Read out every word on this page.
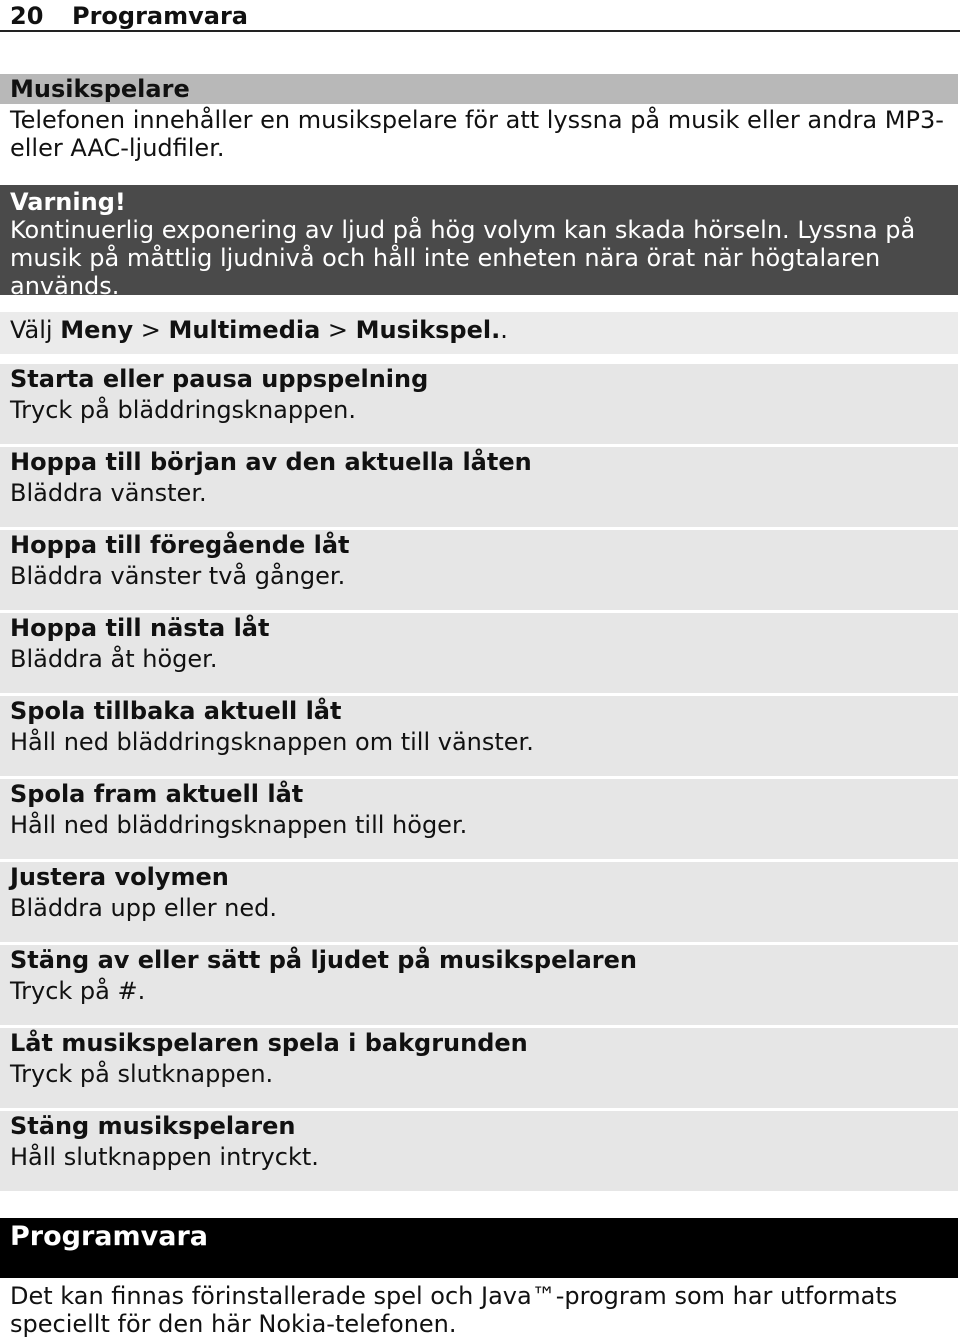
20 Programvara
Musikspelare

Telefonen innehåller en musikspelare för att lyssna på musik eller andra MP3- eller AAC-ljudfiler.

Varning!
Kontinuerlig exponering av ljud på hög volym kan skada hörseln. Lyssna på musik på måttlig ljudnivå och håll inte enheten nära örat när högtalaren används.
Välj Meny > Multimedia > Musikspel..
Starta eller pausa uppspelning
Tryck på bläddringsknappen.
Hoppa till början av den aktuella låten
Bläddra vänster.
Hoppa till föregående låt
Bläddra vänster två gånger.
Hoppa till nästa låt
Bläddra åt höger.
Spola tillbaka aktuell låt
Håll ned bläddringsknappen om till vänster.
Spola fram aktuell låt
Håll ned bläddringsknappen till höger.
Justera volymen
Bläddra upp eller ned.
Stäng av eller sätt på ljudet på musikspelaren
Tryck på #.
Låt musikspelaren spela i bakgrunden
Tryck på slutknappen.
Stäng musikspelaren
Håll slutknappen intryckt.
Programvara

Det kan finnas förinstallerade spel och Java™-program som har utformats speciellt för den här Nokia-telefonen.
